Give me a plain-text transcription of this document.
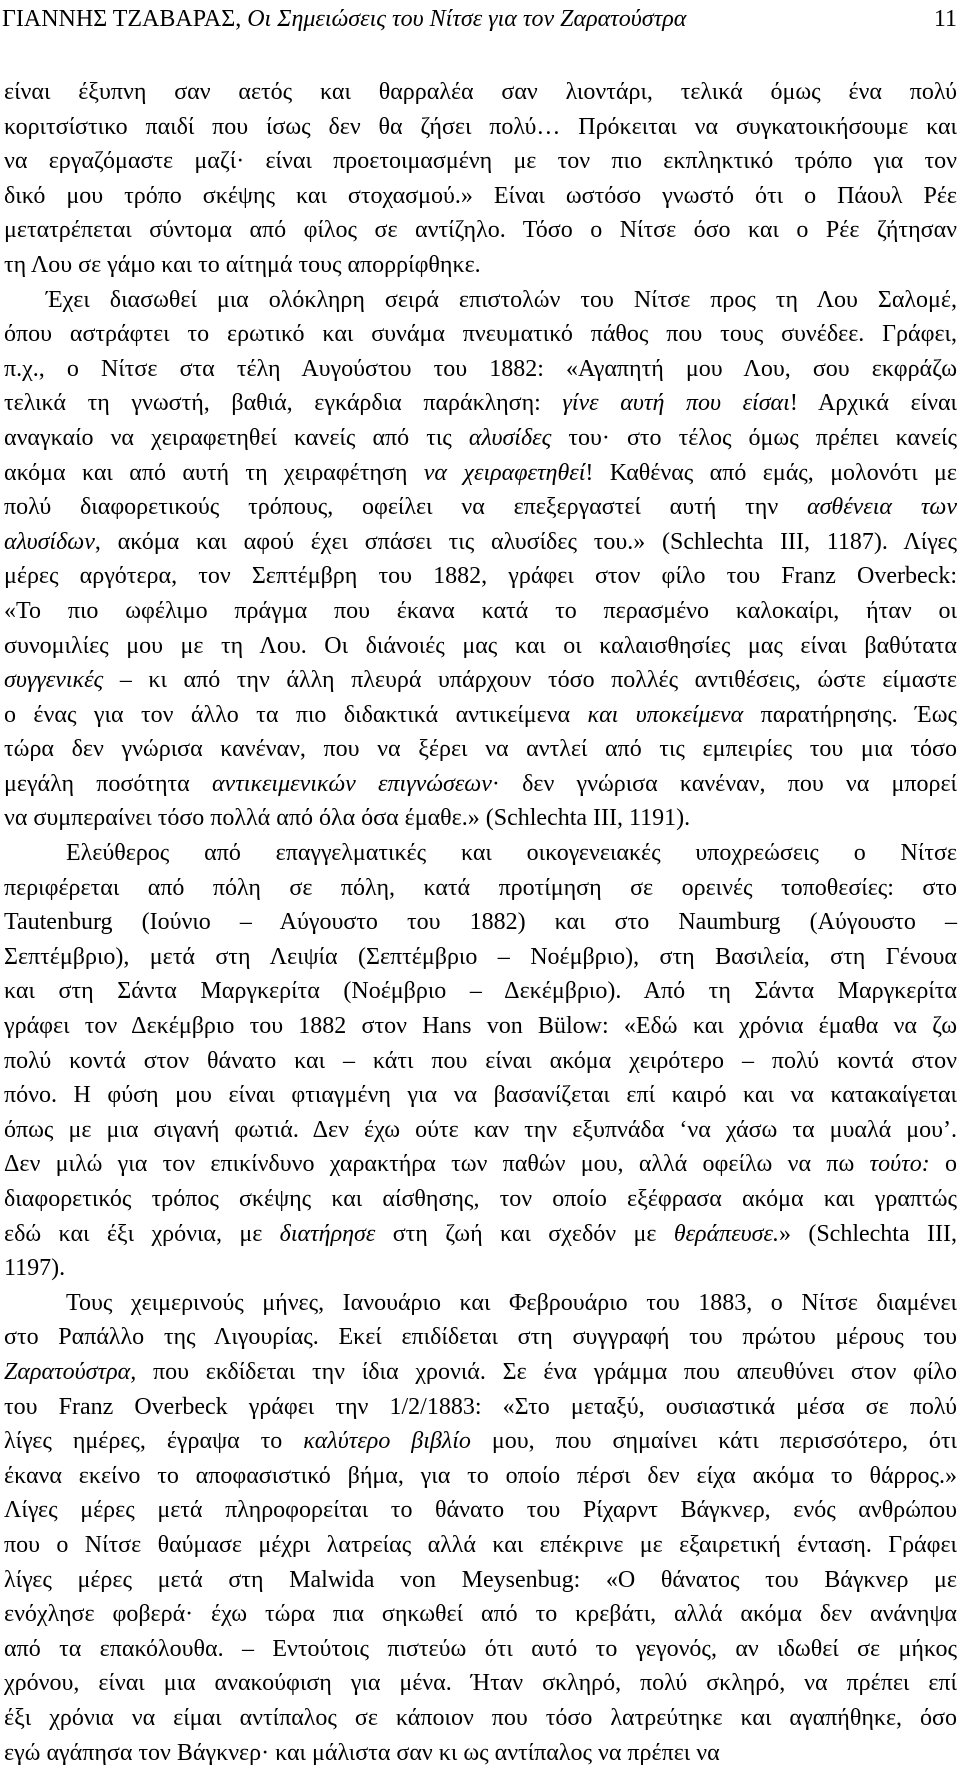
ΓΙΑΝΝΗΣ ΤΖΑΒΑΡΑΣ, Οι Σημειώσεις του Νίτσε για τον Ζαρατούστρα	11
είναι έξυπνη σαν αετός και θαρραλέα σαν λιοντάρι, τελικά όμως ένα πολύ
κοριτσίστικο παιδί που ίσως δεν θα ζήσει πολύ… Πρόκειται να συγκατοικήσουμε και
να εργαζόμαστε μαζί· είναι προετοιμασμένη με τον πιο εκπληκτικό τρόπο για τον
δικό μου τρόπο σκέψης και στοχασμού.» Είναι ωστόσο γνωστό ότι ο Πάουλ Ρέε
μετατρέπεται σύντομα από φίλος σε αντίζηλο. Τόσο ο Νίτσε όσο και ο Ρέε ζήτησαν
τη Λου σε γάμο και το αίτημά τους απορρίφθηκε.
Έχει διασωθεί μια ολόκληρη σειρά επιστολών του Νίτσε προς τη Λου Σαλομέ,
όπου αστράφτει το ερωτικό και συνάμα πνευματικό πάθος που τους συνέδεε. Γράφει,
π.χ., ο Νίτσε στα τέλη Αυγούστου του 1882: «Αγαπητή μου Λου, σου εκφράζω
τελικά τη γνωστή, βαθιά, εγκάρδια παράκληση: γίνε αυτή που είσαι! Αρχικά είναι
αναγκαίο να χειραφετηθεί κανείς από τις αλυσίδες του· στο τέλος όμως πρέπει κανείς
ακόμα και από αυτή τη χειραφέτηση να χειραφετηθεί! Καθένας από εμάς, μολονότι με
πολύ διαφορετικούς τρόπους, οφείλει να επεξεργαστεί αυτή την ασθένεια των
αλυσίδων, ακόμα και αφού έχει σπάσει τις αλυσίδες του.» (Schlechta III, 1187). Λίγες
μέρες αργότερα, τον Σεπτέμβρη του 1882, γράφει στον φίλο του Franz Overbeck:
«Το πιο ωφέλιμο πράγμα που έκανα κατά το περασμένο καλοκαίρι, ήταν οι
συνομιλίες μου με τη Λου. Οι διάνοιές μας και οι καλαισθησίες μας είναι βαθύτατα
συγγενικές – κι από την άλλη πλευρά υπάρχουν τόσο πολλές αντιθέσεις, ώστε είμαστε
ο ένας για τον άλλο τα πιο διδακτικά αντικείμενα και υποκείμενα παρατήρησης. Έως
τώρα δεν γνώρισα κανέναν, που να ξέρει να αντλεί από τις εμπειρίες του μια τόσο
μεγάλη ποσότητα αντικειμενικών επιγνώσεων· δεν γνώρισα κανέναν, που να μπορεί
να συμπεραίνει τόσο πολλά από όλα όσα έμαθε.» (Schlechta III, 1191).
Ελεύθερος από επαγγελματικές και οικογενειακές υποχρεώσεις ο Νίτσε
περιφέρεται από πόλη σε πόλη, κατά προτίμηση σε ορεινές τοποθεσίες: στο
Tautenburg (Ιούνιο – Αύγουστο του 1882) και στο Naumburg (Αύγουστο –
Σεπτέμβριο), μετά στη Λειψία (Σεπτέμβριο – Νοέμβριο), στη Βασιλεία, στη Γένουα
και στη Σάντα Μαργκερίτα (Νοέμβριο – Δεκέμβριο). Από τη Σάντα Μαργκερίτα
γράφει τον Δεκέμβριο του 1882 στον Hans von Bülow: «Εδώ και χρόνια έμαθα να ζω
πολύ κοντά στον θάνατο και – κάτι που είναι ακόμα χειρότερο – πολύ κοντά στον
πόνο. Η φύση μου είναι φτιαγμένη για να βασανίζεται επί καιρό και να κατακαίγεται
όπως με μια σιγανή φωτιά. Δεν έχω ούτε καν την εξυπνάδα ‘να χάσω τα μυαλά μου’.
Δεν μιλώ για τον επικίνδυνο χαρακτήρα των παθών μου, αλλά οφείλω να πω τούτο: ο
διαφορετικός τρόπος σκέψης και αίσθησης, τον οποίο εξέφρασα ακόμα και γραπτώς
εδώ και έξι χρόνια, με διατήρησε στη ζωή και σχεδόν με θεράπευσε.» (Schlechta III,
1197).
Τους χειμερινούς μήνες, Ιανουάριο και Φεβρουάριο του 1883, ο Νίτσε διαμένει
στο Ραπάλλο της Λιγουρίας. Εκεί επιδίδεται στη συγγραφή του πρώτου μέρους του
Ζαρατούστρα, που εκδίδεται την ίδια χρονιά. Σε ένα γράμμα που απευθύνει στον φίλο
του Franz Overbeck γράφει την 1/2/1883: «Στο μεταξύ, ουσιαστικά μέσα σε πολύ
λίγες ημέρες, έγραψα το καλύτερο βιβλίο μου, που σημαίνει κάτι περισσότερο, ότι
έκανα εκείνο το αποφασιστικό βήμα, για το οποίο πέρσι δεν είχα ακόμα το θάρρος.»
Λίγες μέρες μετά πληροφορείται το θάνατο του Ρίχαρντ Βάγκνερ, ενός ανθρώπου
που ο Νίτσε θαύμασε μέχρι λατρείας αλλά και επέκρινε με εξαιρετική ένταση. Γράφει
λίγες μέρες μετά στη Malwida von Meysenbug: «Ο θάνατος του Βάγκνερ με
ενόχλησε φοβερά· έχω τώρα πια σηκωθεί από το κρεβάτι, αλλά ακόμα δεν ανάνηψα
από τα επακόλουθα. – Εντούτοις πιστεύω ότι αυτό το γεγονός, αν ιδωθεί σε μήκος
χρόνου, είναι μια ανακούφιση για μένα. Ήταν σκληρό, πολύ σκληρό, να πρέπει επί
έξι χρόνια να είμαι αντίπαλος σε κάποιον που τόσο λατρεύτηκε και αγαπήθηκε, όσο
εγώ αγάπησα τον Βάγκνερ· και μάλιστα σαν κι ως αντίπαλος να πρέπει να
